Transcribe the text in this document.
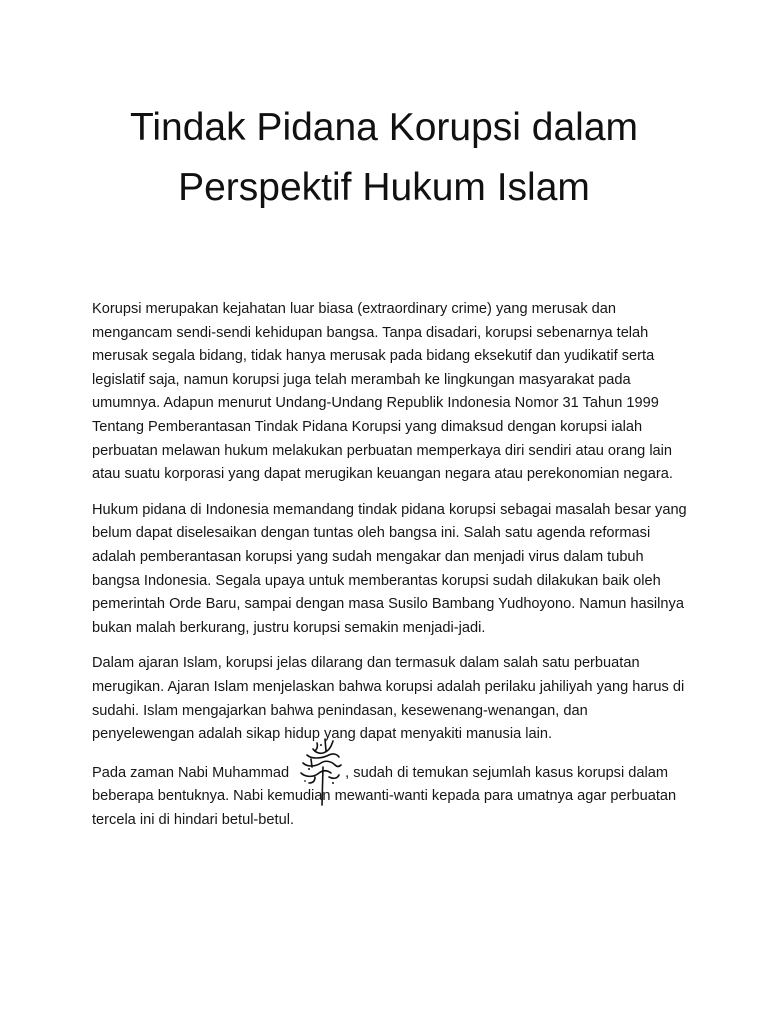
Tindak Pidana Korupsi dalam
Perspektif Hukum Islam

Korupsi merupakan kejahatan luar biasa (extraordinary crime) yang merusak dan mengancam sendi-sendi kehidupan bangsa. Tanpa disadari, korupsi sebenarnya telah merusak segala bidang, tidak hanya merusak pada bidang eksekutif dan yudikatif serta legislatif saja, namun korupsi juga telah merambah ke lingkungan masyarakat pada umumnya. Adapun menurut Undang-Undang Republik Indonesia Nomor 31 Tahun 1999 Tentang Pemberantasan Tindak Pidana Korupsi yang dimaksud dengan korupsi ialah perbuatan melawan hukum melakukan perbuatan memperkaya diri sendiri atau orang lain atau suatu korporasi yang dapat merugikan keuangan negara atau perekonomian negara.

Hukum pidana di Indonesia memandang tindak pidana korupsi sebagai masalah besar yang belum dapat diselesaikan dengan tuntas oleh bangsa ini. Salah satu agenda reformasi adalah pemberantasan korupsi yang sudah mengakar dan menjadi virus dalam tubuh bangsa Indonesia. Segala upaya untuk memberantas korupsi sudah dilakukan baik oleh pemerintah Orde Baru, sampai dengan masa Susilo Bambang Yudhoyono. Namun hasilnya bukan malah berkurang, justru korupsi semakin menjadi-jadi.

Dalam ajaran Islam, korupsi jelas dilarang dan termasuk dalam salah satu perbuatan merugikan. Ajaran Islam menjelaskan bahwa korupsi adalah perilaku jahiliyah yang harus di sudahi. Islam mengajarkan bahwa penindasan, kesewenang-wenangan, dan penyelewengan adalah sikap hidup yang dapat menyakiti manusia lain.

Pada zaman Nabi Muhammad	, sudah di temukan sejumlah kasus korupsi dalam beberapa bentuknya. Nabi kemudian mewanti-wanti kepada para umatnya agar perbuatan tercela ini di hindari betul-betul.
